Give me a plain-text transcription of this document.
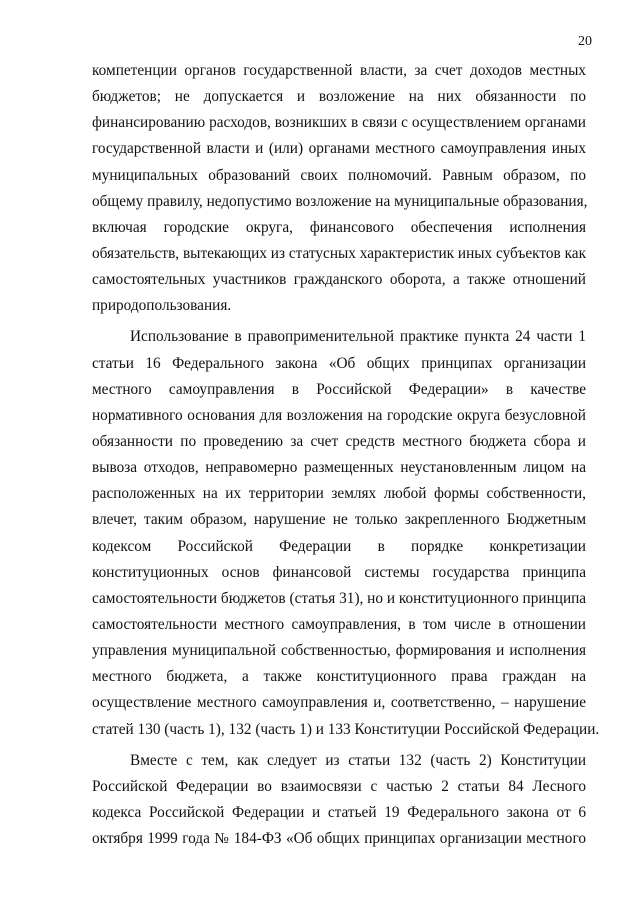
20
компетенции органов государственной власти, за счет доходов местных
бюджетов; не допускается и возложение на них обязанности по
финансированию расходов, возникших в связи с осуществлением органами
государственной власти и (или) органами местного самоуправления иных
муниципальных образований своих полномочий. Равным образом, по
общему правилу, недопустимо возложение на муниципальные образования,
включая городские округа, финансового обеспечения исполнения
обязательств, вытекающих из статусных характеристик иных субъектов как
самостоятельных участников гражданского оборота, а также отношений
природопользования.
Использование в правоприменительной практике пункта 24 части 1
статьи 16 Федерального закона «Об общих принципах организации
местного самоуправления в Российской Федерации» в качестве
нормативного основания для возложения на городские округа безусловной
обязанности по проведению за счет средств местного бюджета сбора и
вывоза отходов, неправомерно размещенных неустановленным лицом на
расположенных на их территории землях любой формы собственности,
влечет, таким образом, нарушение не только закрепленного Бюджетным
кодексом Российской Федерации в порядке конкретизации
конституционных основ финансовой системы государства принципа
самостоятельности бюджетов (статья 31), но и конституционного принципа
самостоятельности местного самоуправления, в том числе в отношении
управления муниципальной собственностью, формирования и исполнения
местного бюджета, а также конституционного права граждан на
осуществление местного самоуправления и, соответственно, – нарушение
статей 130 (часть 1), 132 (часть 1) и 133 Конституции Российской Федерации.
Вместе с тем, как следует из статьи 132 (часть 2) Конституции
Российской Федерации во взаимосвязи с частью 2 статьи 84 Лесного
кодекса Российской Федерации и статьей 19 Федерального закона от 6
октября 1999 года № 184-ФЗ «Об общих принципах организации местного
